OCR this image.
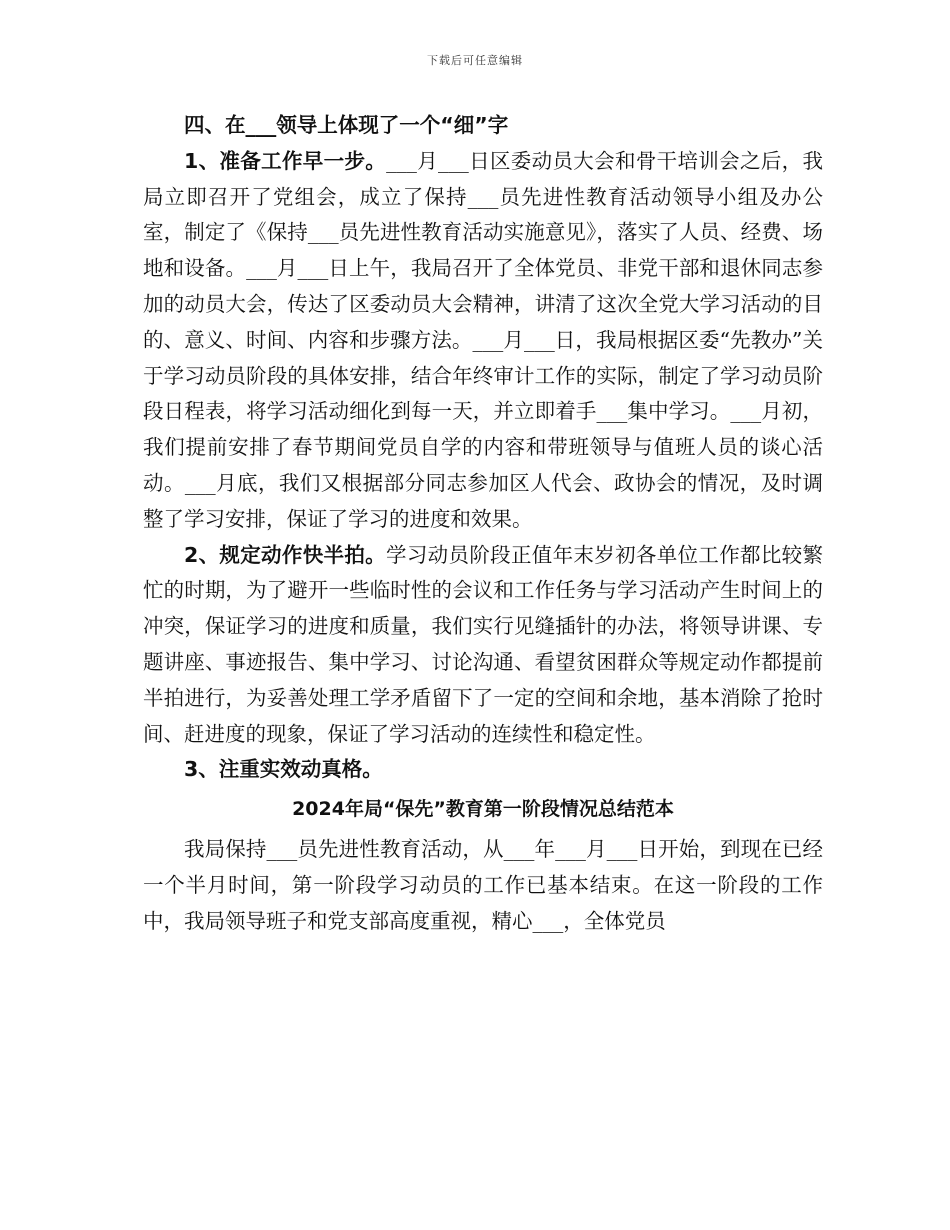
下载后可任意编辑

四、在___领导上体现了一个“细”字

1、准备工作早一步。___月___日区委动员大会和骨干培训会之后，我局立即召开了党组会，成立了保持___员先进性教育活动领导小组及办公室，制定了《保持___员先进性教育活动实施意见》，落实了人员、经费、场地和设备。___月___日上午，我局召开了全体党员、非党干部和退休同志参加的动员大会，传达了区委动员大会精神，讲清了这次全党大学习活动的目的、意义、时间、内容和步骤方法。___月___日，我局根据区委“先教办”关于学习动员阶段的具体安排，结合年终审计工作的实际，制定了学习动员阶段日程表，将学习活动细化到每一天，并立即着手___集中学习。___月初，我们提前安排了春节期间党员自学的内容和带班领导与值班人员的谈心活动。___月底，我们又根据部分同志参加区人代会、政协会的情况，及时调整了学习安排，保证了学习的进度和效果。

2、规定动作快半拍。学习动员阶段正值年末岁初各单位工作都比较繁忙的时期，为了避开一些临时性的会议和工作任务与学习活动产生时间上的冲突，保证学习的进度和质量，我们实行见缝插针的办法，将领导讲课、专题讲座、事迹报告、集中学习、讨论沟通、看望贫困群众等规定动作都提前半拍进行，为妥善处理工学矛盾留下了一定的空间和余地，基本消除了抢时间、赶进度的现象，保证了学习活动的连续性和稳定性。

3、注重实效动真格。

2024年局“保先”教育第一阶段情况总结范本

我局保持___员先进性教育活动，从___年___月___日开始，到现在已经一个半月时间，第一阶段学习动员的工作已基本结束。在这一阶段的工作中，我局领导班子和党支部高度重视，精心___，全体党员
